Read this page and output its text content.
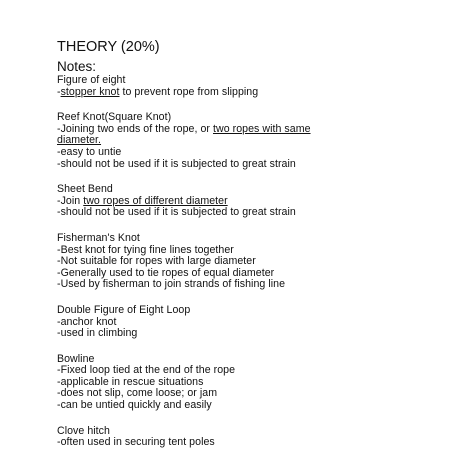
THEORY (20%)
Notes:
Figure of eight
-stopper knot to prevent rope from slipping
Reef Knot(Square Knot)
-Joining two ends of the rope, or two ropes with same
diameter.
-easy to untie
-should not be used if it is subjected to great strain
Sheet Bend
-Join two ropes of different diameter
-should not be used if it is subjected to great strain
Fisherman's Knot
-Best knot for tying fine lines together
-Not suitable for ropes with large diameter
-Generally used to tie ropes of equal diameter
-Used by fisherman to join strands of fishing line
Double Figure of Eight Loop
-anchor knot
-used in climbing
Bowline
-Fixed loop tied at the end of the rope
-applicable in rescue situations
-does not slip, come loose; or jam
-can be untied quickly and easily
Clove hitch
-often used in securing tent poles
